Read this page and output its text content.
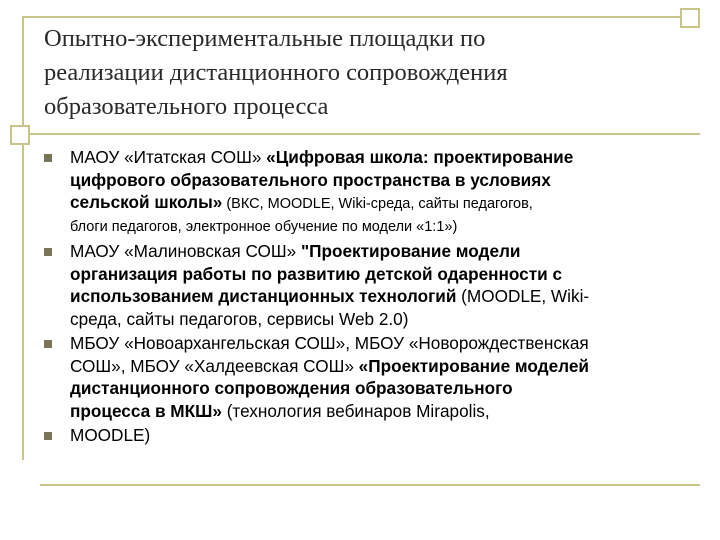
Опытно-экспериментальные площадки по
реализации дистанционного сопровождения
образовательного процесса
МАОУ «Итатская СОШ» «Цифровая школа: проектирование
цифрового образовательного пространства в условиях
сельской школы» (ВКС, MOODLE, Wiki-среда, сайты педагогов,
блоги педагогов, электронное обучение по модели «1:1»)
МАОУ «Малиновская СОШ» "Проектирование модели
организация работы по развитию детской одаренности с
использованием дистанционных технологий (MOODLE, Wiki-
среда, сайты педагогов, сервисы Web 2.0)
МБОУ «Новоархангельская СОШ», МБОУ «Новорождественская
СОШ», МБОУ «Халдеевская СОШ» «Проектирование моделей
дистанционного сопровождения образовательного
процесса в МКШ» (технология вебинаров Mirapolis,
MOODLE)
